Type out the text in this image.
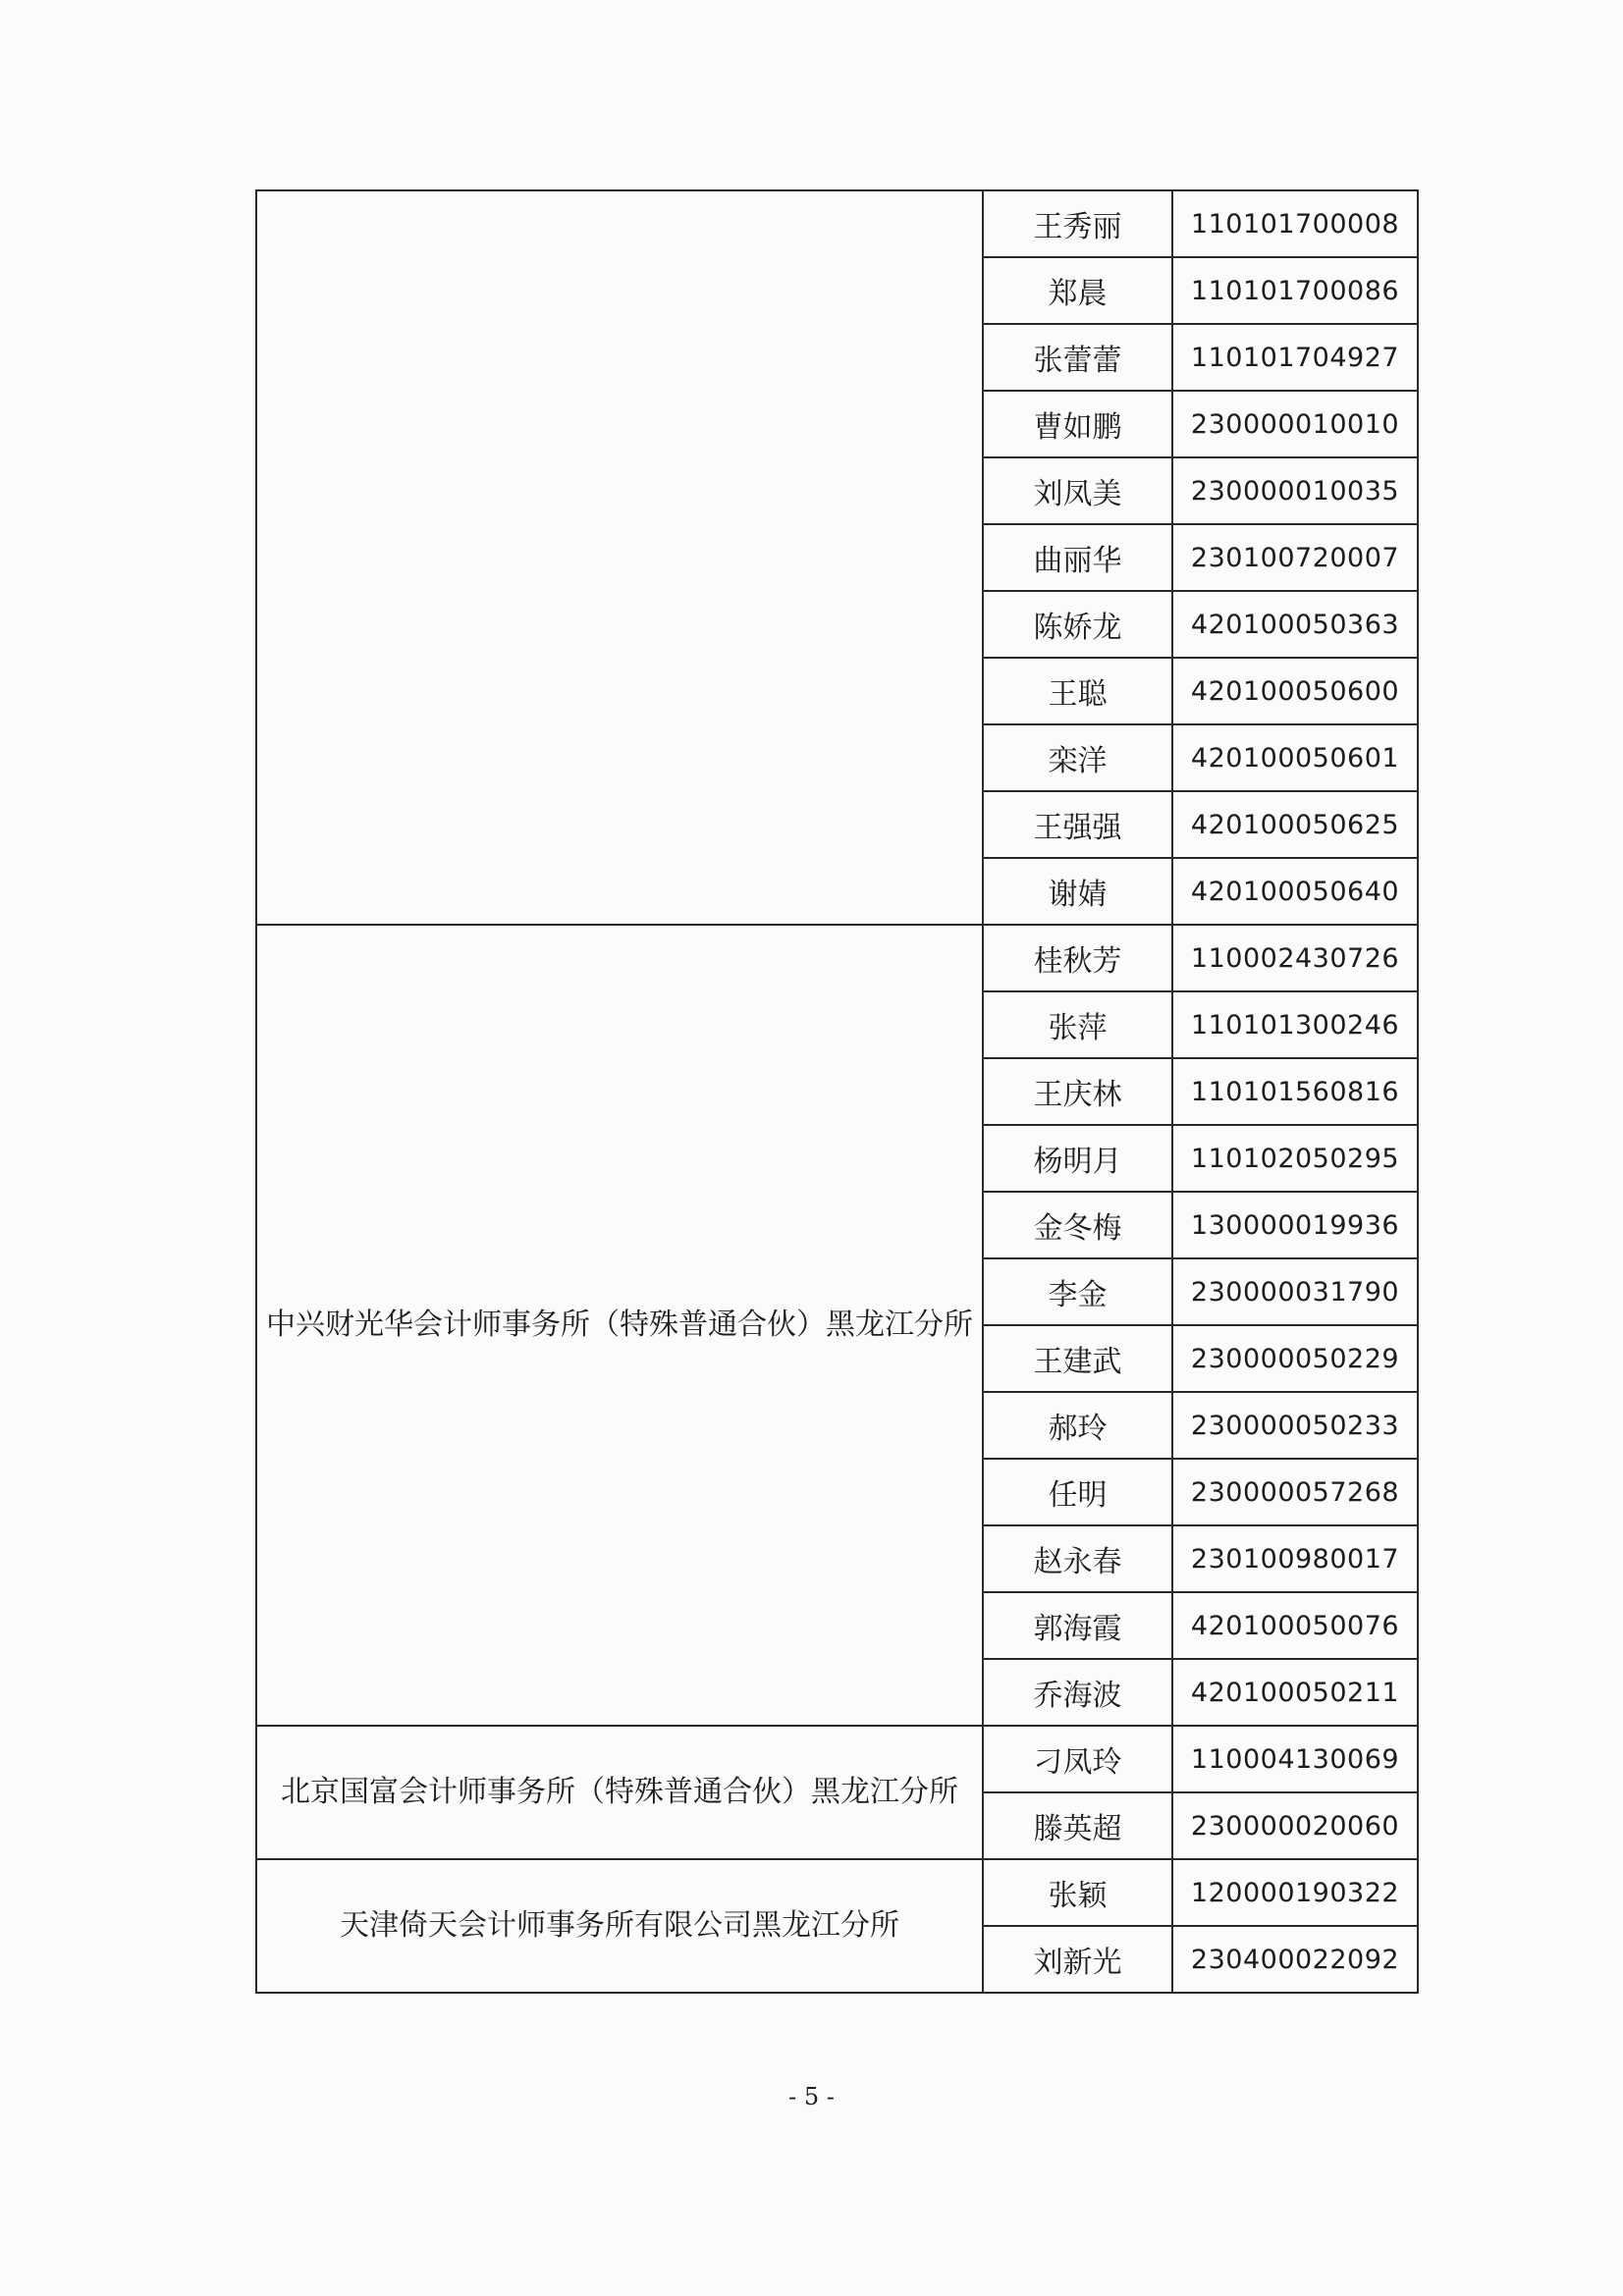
	王秀丽	110101700008
	郑晨	110101700086
	张蕾蕾	110101704927
	曹如鹏	230000010010
	刘凤美	230000010035
	曲丽华	230100720007
	陈娇龙	420100050363
	王聪	420100050600
	栾洋	420100050601
	王强强	420100050625
	谢婧	420100050640
中兴财光华会计师事务所（特殊普通合伙）黑龙江分所	桂秋芳	110002430726
	张萍	110101300246
	王庆林	110101560816
	杨明月	110102050295
	金冬梅	130000019936
	李金	230000031790
	王建武	230000050229
	郝玲	230000050233
	任明	230000057268
	赵永春	230100980017
	郭海霞	420100050076
	乔海波	420100050211
北京国富会计师事务所（特殊普通合伙）黑龙江分所	刁凤玲	110004130069
	滕英超	230000020060
天津倚天会计师事务所有限公司黑龙江分所	张颖	120000190322
	刘新光	230400022092
- 5 -
